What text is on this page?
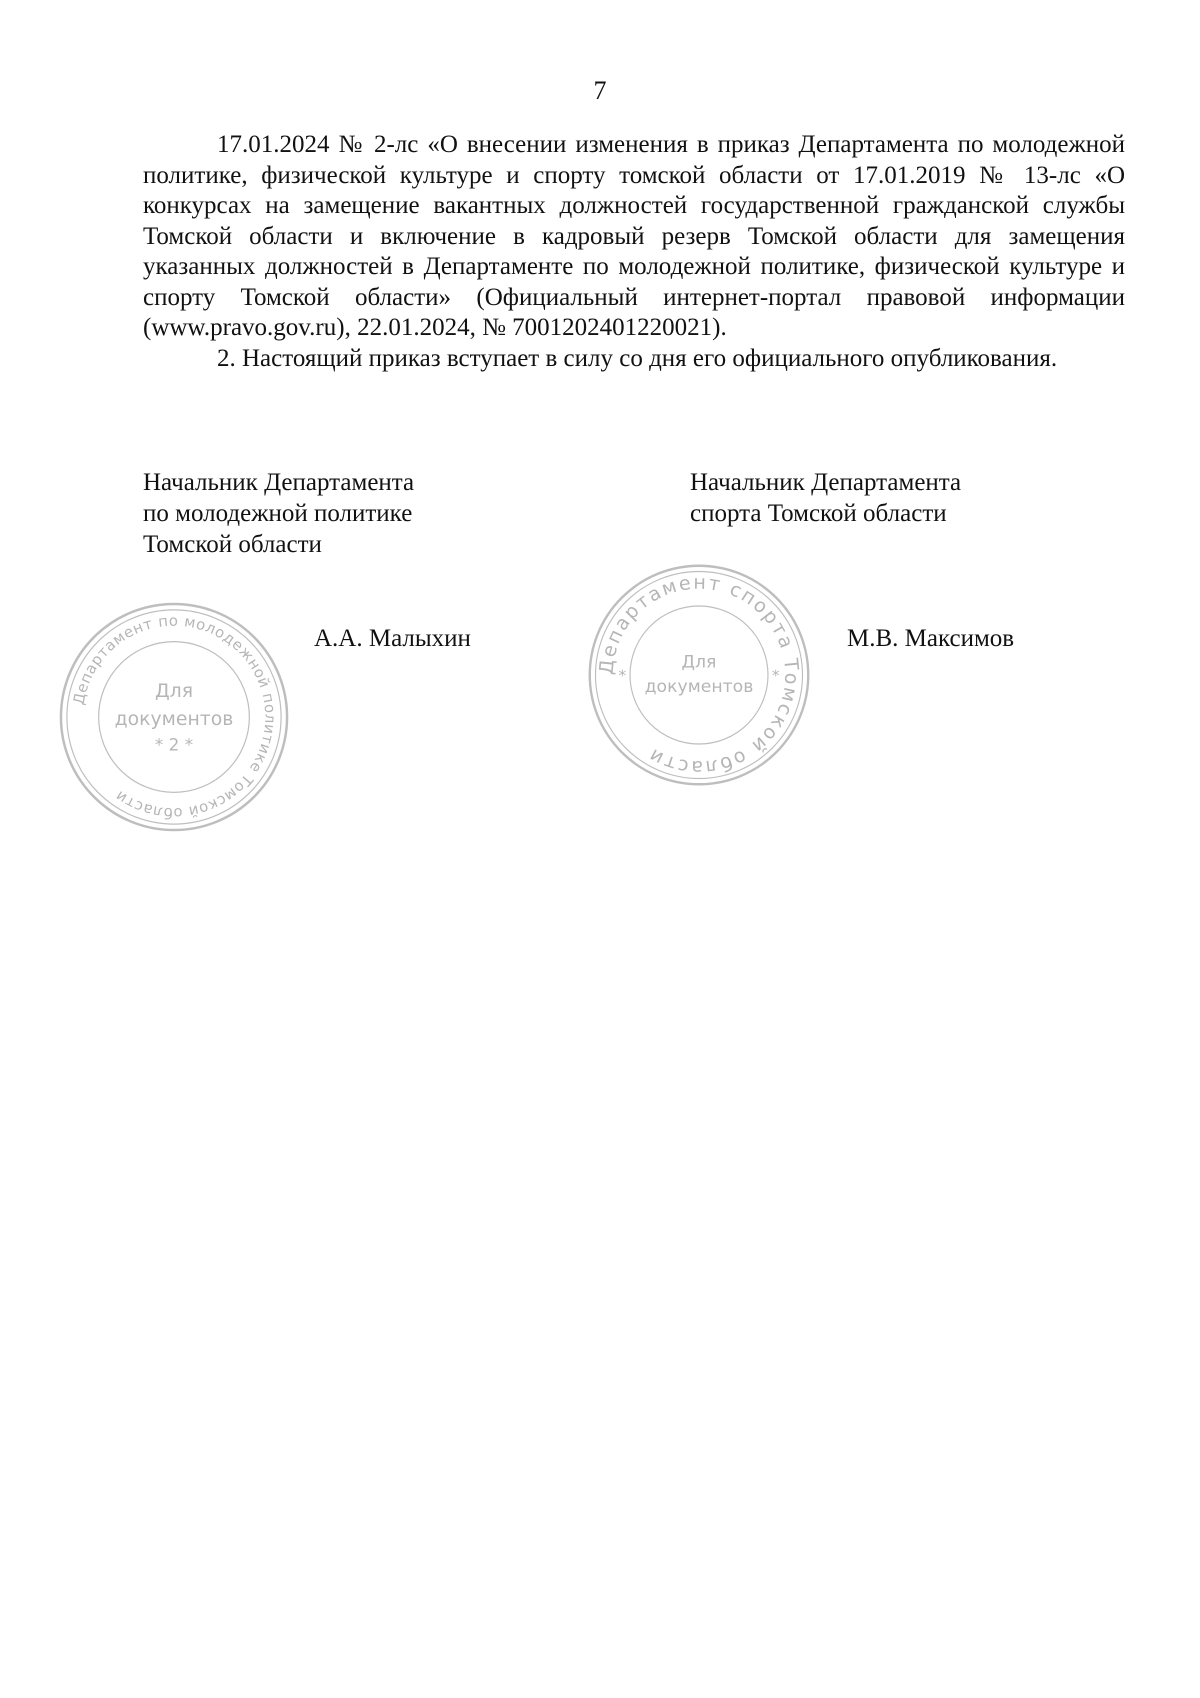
7

17.01.2024 № 2-лс «О внесении изменения в приказ Департамента по молодежной политике, физической культуре и спорту томской области от 17.01.2019 № 13-лс «О конкурсах на замещение вакантных должностей государственной гражданской службы Томской области и включение в кадровый резерв Томской области для замещения указанных должностей в Департаменте по молодежной политике, физической культуре и спорту Томской области» (Официальный интернет-портал правовой информации (www.pravo.gov.ru), 22.01.2024, № 7001202401220021).

2. Настоящий приказ вступает в силу со дня его официального опубликования.

Начальник Департамента
по молодежной политике
Томской области
Начальник Департамента
спорта Томской области
А.А. Малыхин	М.В. Максимов
Департамент по молодежной политике Томской области
Для
документов
* 2 *
Департамент спорта Томской области
Для
документов
*	*
